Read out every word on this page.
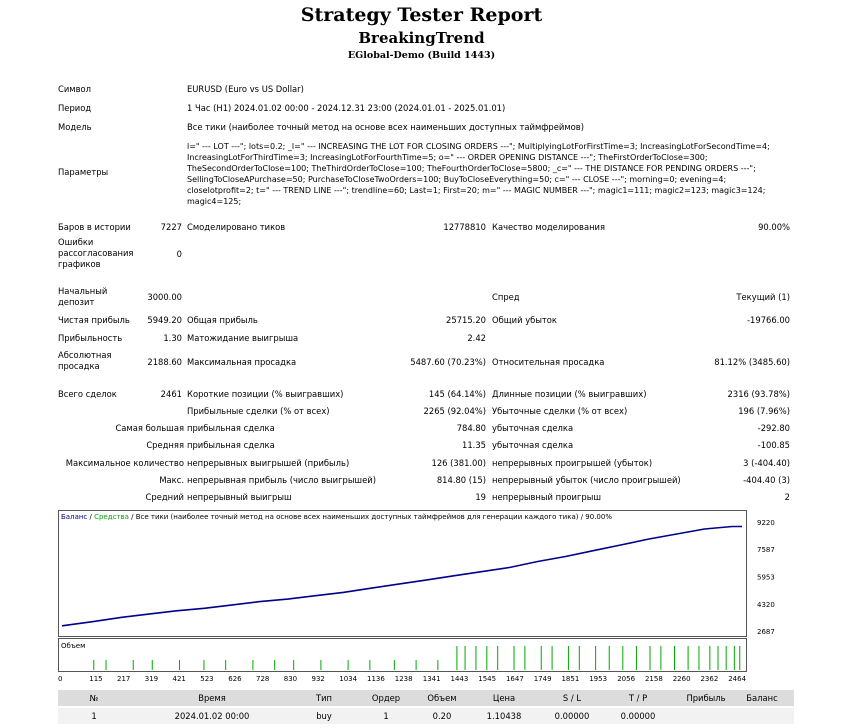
Strategy Tester Report
BreakingTrend
EGlobal-Demo (Build 1443)
Символ	EURUSD (Euro vs US Dollar)
Период	1 Час (H1) 2024.01.02 00:00 - 2024.12.31 23:00 (2024.01.01 - 2025.01.01)
Модель	Все тики (наиболее точный метод на основе всех наименьших доступных таймфреймов)
Параметры
l=" --- LOT ---"; lots=0.2; _l=" --- INCREASING THE LOT FOR CLOSING ORDERS ---"; MultiplyingLotForFirstTime=3; IncreasingLotForSecondTime=4; IncreasingLotForThirdTime=3; IncreasingLotForFourthTime=5; o=" --- ORDER OPENING DISTANCE ---"; TheFirstOrderToClose=300; TheSecondOrderToClose=100; TheThirdOrderToClose=100; TheFourthOrderToClose=5800; _c=" --- THE DISTANCE FOR PENDING ORDERS ---"; SellingToCloseAPurchase=50; PurchaseToCloseTwoOrders=100; BuyToCloseEverything=50; c=" --- CLOSE ---"; morning=0; evening=4; closelotprofit=2; t=" --- TREND LINE ---"; trendline=60; Last=1; First=20; m=" --- MAGIC NUMBER ---"; magic1=111; magic2=123; magic3=124; magic4=125;
Баров в истории	7227 Смоделировано тиков	12778810 Качество моделирования	90.00%
Ошибки рассогласования графиков
0
Начальный депозит	3000.00	Спред	Текущий (1)
Чистая прибыль 5949.20 Общая прибыль	25715.20 Общий убыток	-19766.00
Прибыльность	1.30 Матожидание выигрыша	2.42
Абсолютная просадка	2188.60 Максимальная просадка	5487.60 (70.23%) Относительная просадка	81.12% (3485.60)
Всего сделок	2461 Короткие позиции (% выигравших)	145 (64.14%) Длинные позиции (% выигравших)	2316 (93.78%)
Прибыльные сделки (% от всех)	2265 (92.04%) Убыточные сделки (% от всех)	196 (7.96%)
Самая большая прибыльная сделка	784.80 убыточная сделка	-292.80
Средняя прибыльная сделка	11.35 убыточная сделка	-100.85
Максимальное количество непрерывных выигрышей (прибыль)	126 (381.00) непрерывных проигрышей (убыток)	3 (-404.40)
Макс. непрерывная прибыль (число выигрышей)	814.80 (15) непрерывный убыток (число проигрышей)	-404.40 (3)
Средний непрерывный выигрыш	19 непрерывный проигрыш	2
Баланс / Средства / Все тики (наиболее точный метод на основе всех наименьших доступных таймфреймов для генерации каждого тика) / 90.00%
Объем
9220
7587
5953
4320
2687
0	115 217 319 421 523 626 728 830 932 1034 1136 1238 1341 1443 1545 1647 1749 1851 1953 2056 2158 2260 2362 2464
№	Время	Тип	Ордер	Объем	Цена	S / L	T / P	Прибыль	Баланс
1	2024.01.02 00:00	buy	1	0.20	1.10438	0.00000	0.00000
